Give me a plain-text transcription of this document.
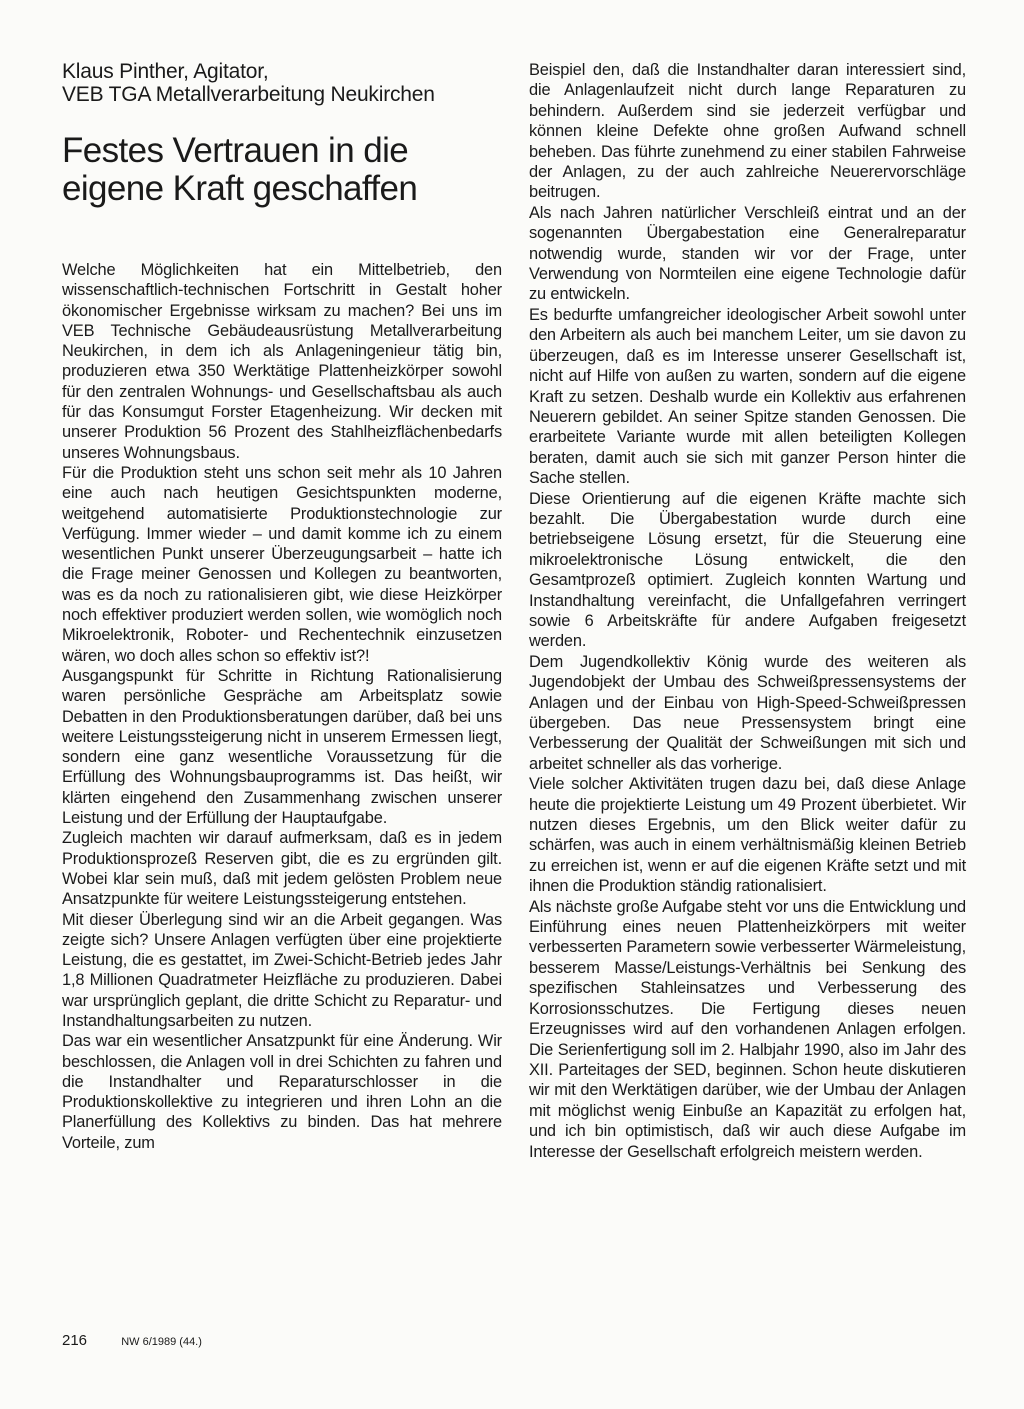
Klaus Pinther, Agitator,

VEB TGA Metallverarbeitung Neukirchen

Festes Vertrauen in die
eigene Kraft geschaffen

Welche Möglichkeiten hat ein Mittelbetrieb, den wissenschaftlich-technischen Fortschritt in Gestalt hoher ökonomischer Ergebnisse wirksam zu machen? Bei uns im VEB Technische Gebäudeausrüstung Metallverarbeitung Neukirchen, in dem ich als Anlageningenieur tätig bin, produzieren etwa 350 Werktätige Plattenheizkörper sowohl für den zentralen Wohnungs- und Gesellschaftsbau als auch für das Konsumgut Forster Etagenheizung. Wir decken mit unserer Produktion 56 Prozent des Stahlheizflächenbedarfs unseres Wohnungsbaus.

Für die Produktion steht uns schon seit mehr als 10 Jahren eine auch nach heutigen Gesichtspunkten moderne, weitgehend automatisierte Produktionstechnologie zur Verfügung. Immer wieder – und damit komme ich zu einem wesentlichen Punkt unserer Überzeugungsarbeit – hatte ich die Frage meiner Genossen und Kollegen zu beantworten, was es da noch zu rationalisieren gibt, wie diese Heizkörper noch effektiver produziert werden sollen, wie womöglich noch Mikroelektronik, Roboter- und Rechentechnik einzusetzen wären, wo doch alles schon so effektiv ist?!

Ausgangspunkt für Schritte in Richtung Rationalisierung waren persönliche Gespräche am Arbeitsplatz sowie Debatten in den Produktionsberatungen darüber, daß bei uns weitere Leistungssteigerung nicht in unserem Ermessen liegt, sondern eine ganz wesentliche Voraussetzung für die Erfüllung des Wohnungsbauprogramms ist. Das heißt, wir klärten eingehend den Zusammenhang zwischen unserer Leistung und der Erfüllung der Hauptaufgabe.

Zugleich machten wir darauf aufmerksam, daß es in jedem Produktionsprozeß Reserven gibt, die es zu ergründen gilt. Wobei klar sein muß, daß mit jedem gelösten Problem neue Ansatzpunkte für weitere Leistungssteigerung entstehen.

Mit dieser Überlegung sind wir an die Arbeit gegangen. Was zeigte sich? Unsere Anlagen verfügten über eine projektierte Leistung, die es gestattet, im Zwei-Schicht-Betrieb jedes Jahr 1,8 Millionen Quadratmeter Heizfläche zu produzieren. Dabei war ursprünglich geplant, die dritte Schicht zu Reparatur- und Instandhaltungsarbeiten zu nutzen.

Das war ein wesentlicher Ansatzpunkt für eine Änderung. Wir beschlossen, die Anlagen voll in drei Schichten zu fahren und die Instandhalter und Reparaturschlosser in die Produktionskollektive zu integrieren und ihren Lohn an die Planerfüllung des Kollektivs zu binden. Das hat mehrere Vorteile, zum

Beispiel den, daß die Instandhalter daran interessiert sind, die Anlagenlaufzeit nicht durch lange Reparaturen zu behindern. Außerdem sind sie jederzeit verfügbar und können kleine Defekte ohne großen Aufwand schnell beheben. Das führte zunehmend zu einer stabilen Fahrweise der Anlagen, zu der auch zahlreiche Neuerervorschläge beitrugen.

Als nach Jahren natürlicher Verschleiß eintrat und an der sogenannten Übergabestation eine Generalreparatur notwendig wurde, standen wir vor der Frage, unter Verwendung von Normteilen eine eigene Technologie dafür zu entwickeln.

Es bedurfte umfangreicher ideologischer Arbeit sowohl unter den Arbeitern als auch bei manchem Leiter, um sie davon zu überzeugen, daß es im Interesse unserer Gesellschaft ist, nicht auf Hilfe von außen zu warten, sondern auf die eigene Kraft zu setzen. Deshalb wurde ein Kollektiv aus erfahrenen Neuerern gebildet. An seiner Spitze standen Genossen. Die erarbeitete Variante wurde mit allen beteiligten Kollegen beraten, damit auch sie sich mit ganzer Person hinter die Sache stellen.

Diese Orientierung auf die eigenen Kräfte machte sich bezahlt. Die Übergabestation wurde durch eine betriebseigene Lösung ersetzt, für die Steuerung eine mikroelektronische Lösung entwickelt, die den Gesamtprozeß optimiert. Zugleich konnten Wartung und Instandhaltung vereinfacht, die Unfallgefahren verringert sowie 6 Arbeitskräfte für andere Aufgaben freigesetzt werden.

Dem Jugendkollektiv König wurde des weiteren als Jugendobjekt der Umbau des Schweißpressensystems der Anlagen und der Einbau von High-Speed-Schweißpressen übergeben. Das neue Pressensystem bringt eine Verbesserung der Qualität der Schweißungen mit sich und arbeitet schneller als das vorherige.

Viele solcher Aktivitäten trugen dazu bei, daß diese Anlage heute die projektierte Leistung um 49 Prozent überbietet. Wir nutzen dieses Ergebnis, um den Blick weiter dafür zu schärfen, was auch in einem verhältnismäßig kleinen Betrieb zu erreichen ist, wenn er auf die eigenen Kräfte setzt und mit ihnen die Produktion ständig rationalisiert.

Als nächste große Aufgabe steht vor uns die Entwicklung und Einführung eines neuen Plattenheizkörpers mit weiter verbesserten Parametern sowie verbesserter Wärmeleistung, besserem Masse/Leistungs-Verhältnis bei Senkung des spezifischen Stahleinsatzes und Verbesserung des Korrosionsschutzes. Die Fertigung dieses neuen Erzeugnisses wird auf den vorhandenen Anlagen erfolgen. Die Serienfertigung soll im 2. Halbjahr 1990, also im Jahr des XII. Parteitages der SED, beginnen. Schon heute diskutieren wir mit den Werktätigen darüber, wie der Umbau der Anlagen mit möglichst wenig Einbuße an Kapazität zu erfolgen hat, und ich bin optimistisch, daß wir auch diese Aufgabe im Interesse der Gesellschaft erfolgreich meistern werden.

216	NW 6/1989 (44.)
